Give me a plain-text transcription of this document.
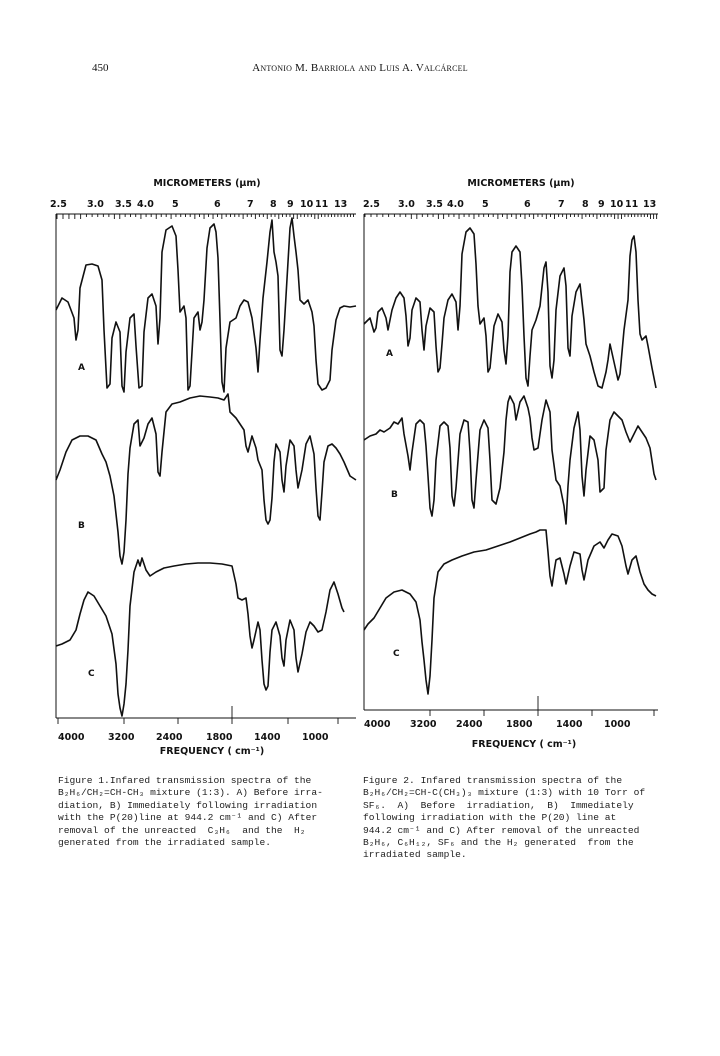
450	Antonio M. Barriola and Luis A. Valcárcel
MICROMETERS (μm)
2.5 3.0 3.5 4.0 5	6	7 8 9 10 11 13
A
B
C
4000 3200 2400 1800 1400 1000
FREQUENCY ( cm⁻¹)
MICROMETERS (μm)
2.5 3.0 3.5 4.0 5	6	7 8 9 10 11 13
A
B
C
4000 3200 2400 1800 1400 1000
FREQUENCY ( cm⁻¹)
Figure 1.Infared transmission spectra of the
B₂H₆/CH₂=CH-CH₃ mixture (1:3). A) Before irra-
diation, B) Immediately following irradiation
with the P(20)line at 944.2 cm⁻¹ and C) After
removal of the unreacted  C₃H₆  and the  H₂
generated from the irradiated sample.
Figure 2. Infared transmission spectra of the
B₂H₆/CH₂=CH-C(CH₃)₃ mixture (1:3) with 10 Torr of
SF₆.  A)  Before  irradiation,  B)  Immediately
following irradiation with the P(20) line at
944.2 cm⁻¹ and C) After removal of the unreacted
B₂H₆, C₆H₁₂, SF₆ and the H₂ generated  from the
irradiated sample.
